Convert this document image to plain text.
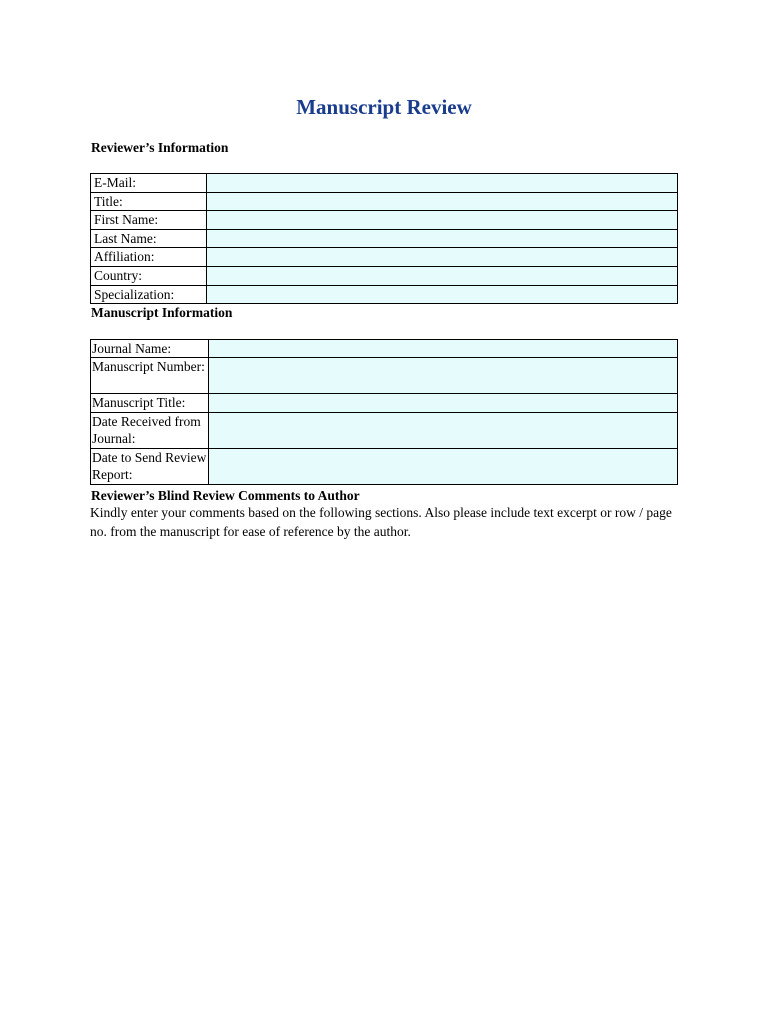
Manuscript Review
Reviewer’s Information
E-Mail:	
Title:	
First Name:	
Last Name:	
Affiliation:	
Country:	
Specialization:	
Manuscript Information
Journal Name:	
Manuscript Number:	
Manuscript Title:	
Date Received from Journal:	
Date to Send Review Report:	
Reviewer’s Blind Review Comments to Author
Kindly enter your comments based on the following sections. Also please include text excerpt or row / page no. from the manuscript for ease of reference by the author.
